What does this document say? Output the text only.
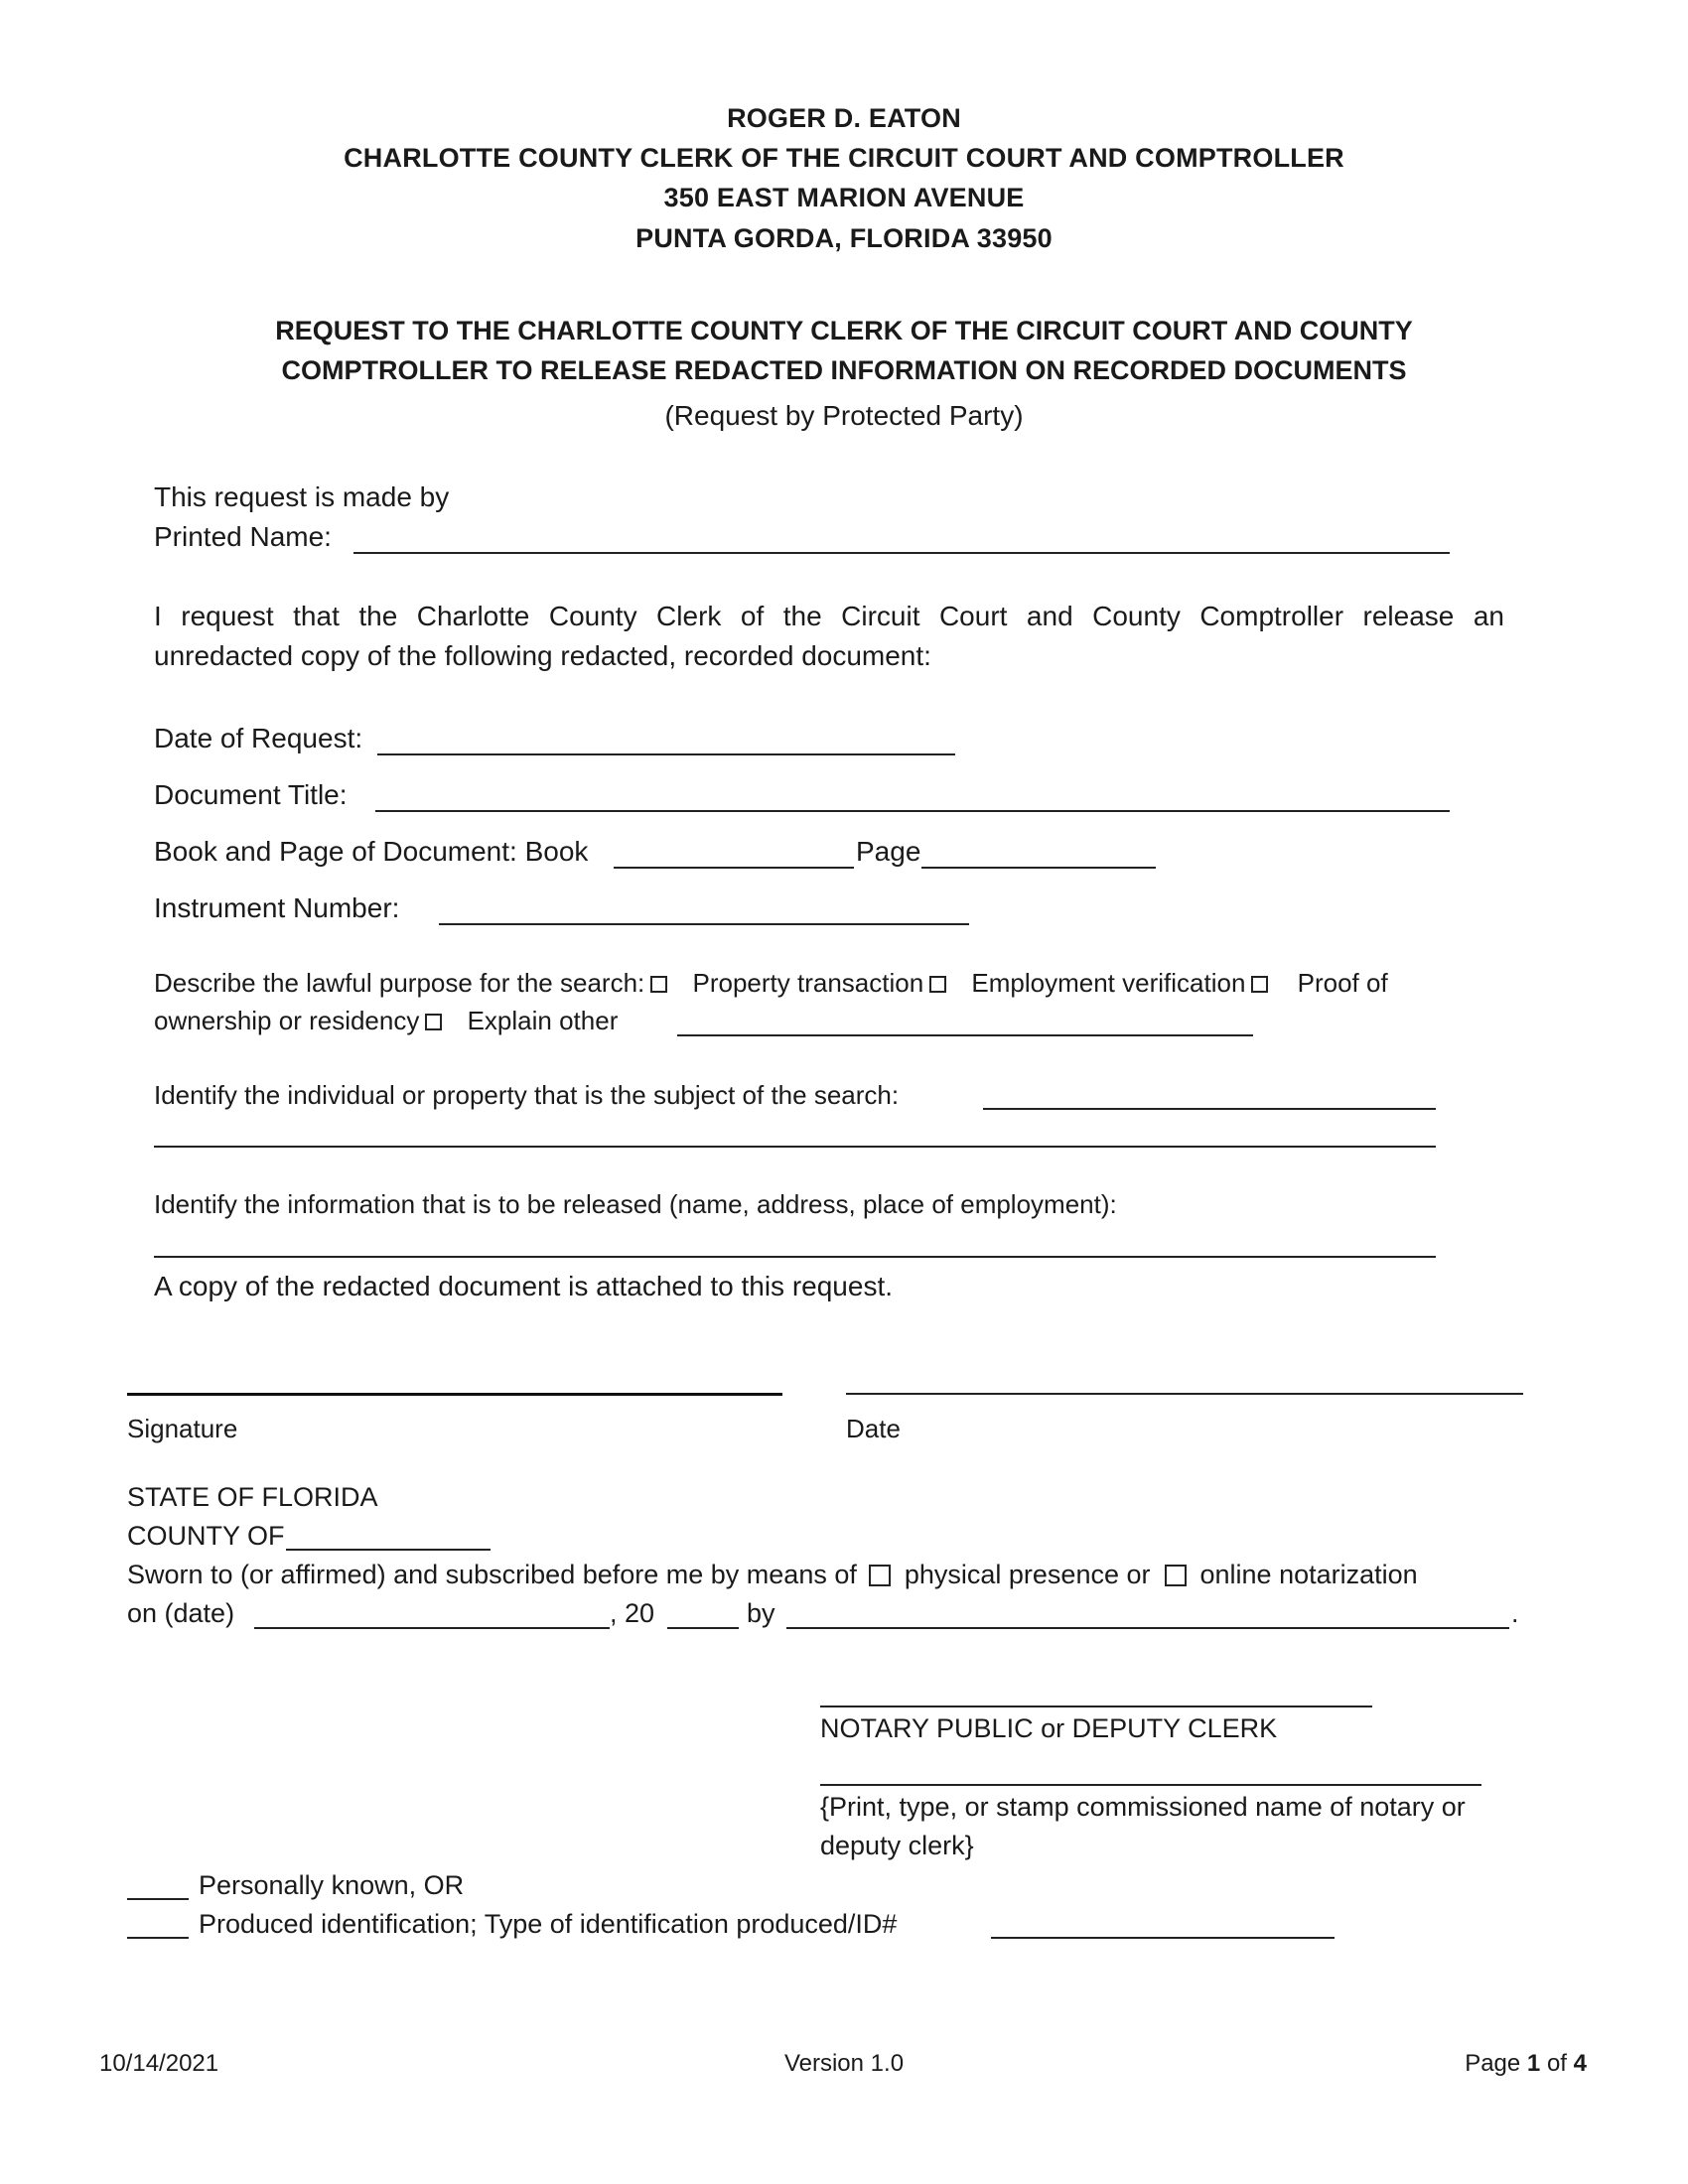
ROGER D. EATON
CHARLOTTE COUNTY CLERK OF THE CIRCUIT COURT AND COMPTROLLER
350 EAST MARION AVENUE
PUNTA GORDA, FLORIDA 33950
REQUEST TO THE CHARLOTTE COUNTY CLERK OF THE CIRCUIT COURT AND COUNTY
COMPTROLLER TO RELEASE REDACTED INFORMATION ON RECORDED DOCUMENTS
(Request by Protected Party)
This request is made by
Printed Name:
I request that the Charlotte County Clerk of the Circuit Court and County Comptroller release an
unredacted copy of the following redacted, recorded document:
Date of Request:
Document Title:
Book and Page of Document: Book	Page
Instrument Number:
Describe the lawful purpose for the search: Property transaction Employment verification Proof of
ownership or residency Explain other
Identify the individual or property that is the subject of the search:
Identify the information that is to be released (name, address, place of employment):
A copy of the redacted document is attached to this request.
Signature	Date
STATE OF FLORIDA
COUNTY OF
Sworn to (or affirmed) and subscribed before me by means of physical presence or online notarization
on (date)	, 20	by	.
NOTARY PUBLIC or DEPUTY CLERK
{Print, type, or stamp commissioned name of notary or
deputy clerk}
Personally known, OR
Produced identification; Type of identification produced/ID#
10/14/2021	Version 1.0	Page 1 of 4
